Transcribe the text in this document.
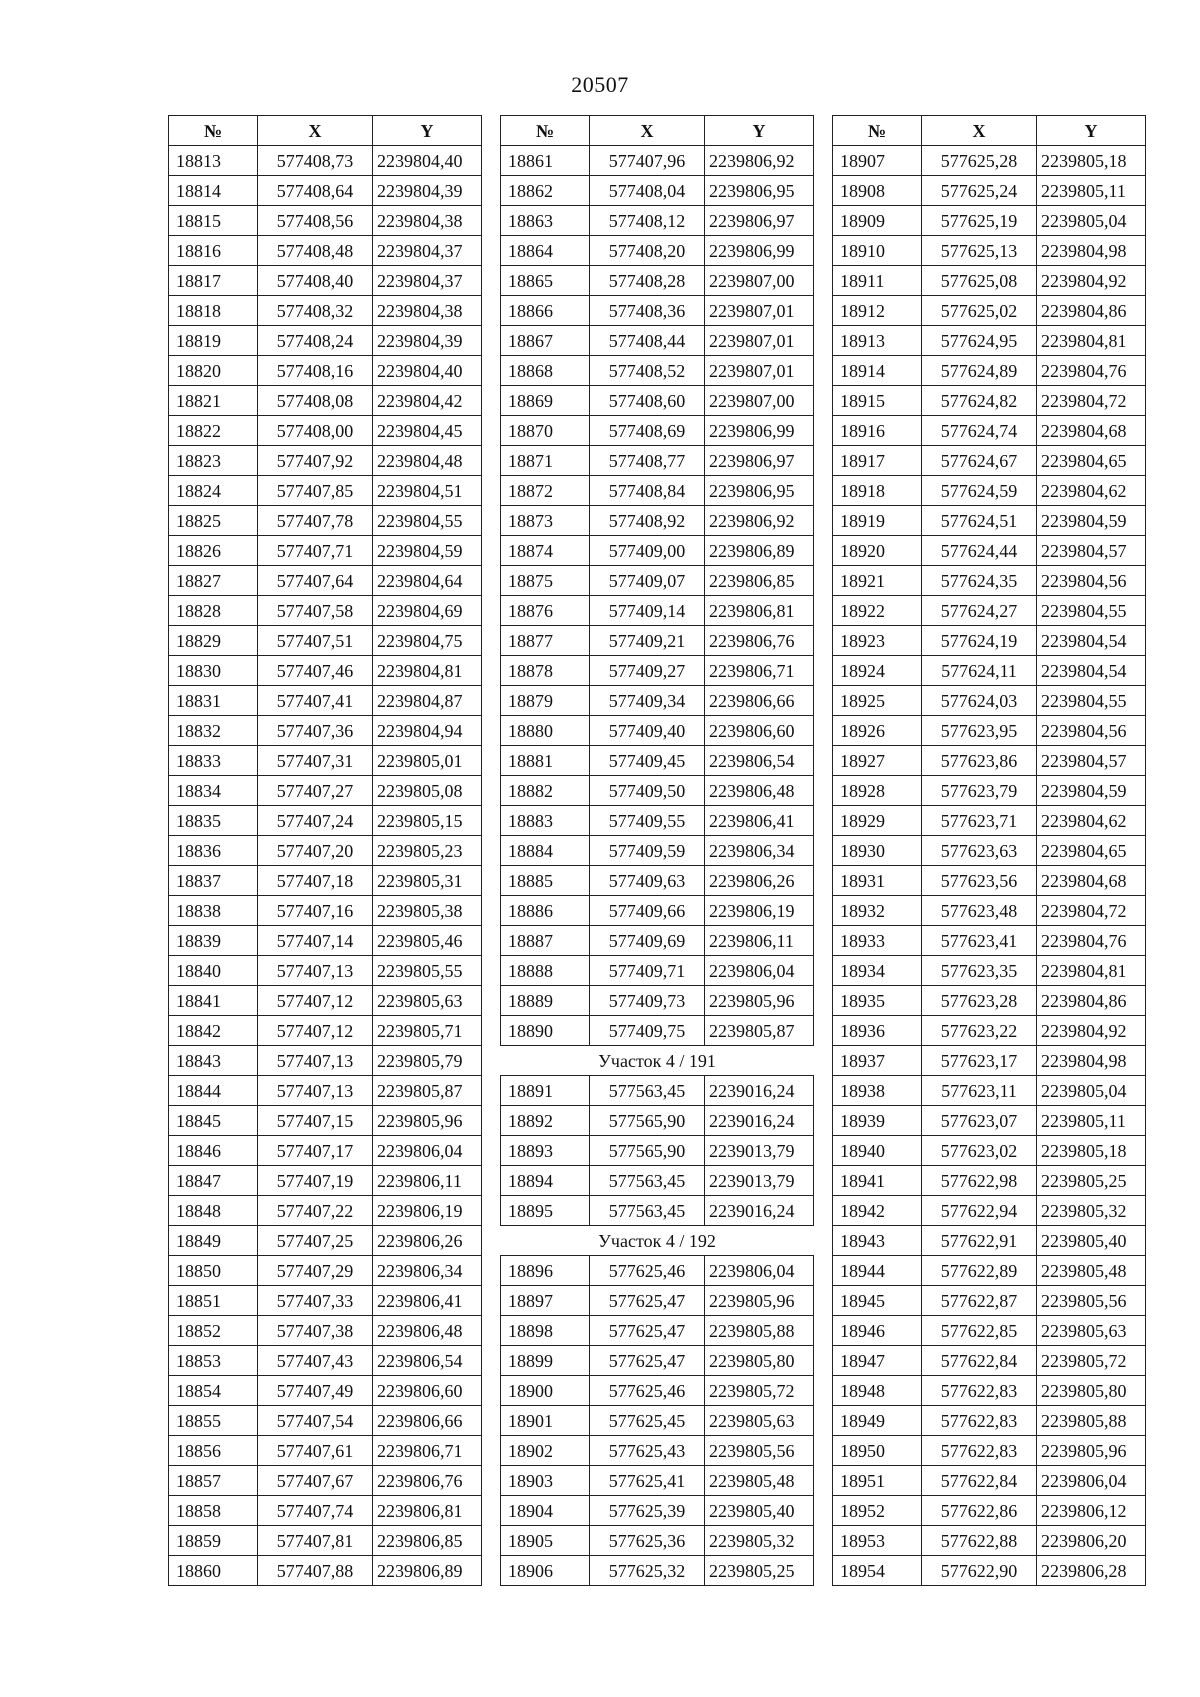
20507
№	X	Y
18813	577408,73	2239804,40
18814	577408,64	2239804,39
18815	577408,56	2239804,38
18816	577408,48	2239804,37
18817	577408,40	2239804,37
18818	577408,32	2239804,38
18819	577408,24	2239804,39
18820	577408,16	2239804,40
18821	577408,08	2239804,42
18822	577408,00	2239804,45
18823	577407,92	2239804,48
18824	577407,85	2239804,51
18825	577407,78	2239804,55
18826	577407,71	2239804,59
18827	577407,64	2239804,64
18828	577407,58	2239804,69
18829	577407,51	2239804,75
18830	577407,46	2239804,81
18831	577407,41	2239804,87
18832	577407,36	2239804,94
18833	577407,31	2239805,01
18834	577407,27	2239805,08
18835	577407,24	2239805,15
18836	577407,20	2239805,23
18837	577407,18	2239805,31
18838	577407,16	2239805,38
18839	577407,14	2239805,46
18840	577407,13	2239805,55
18841	577407,12	2239805,63
18842	577407,12	2239805,71
18843	577407,13	2239805,79
18844	577407,13	2239805,87
18845	577407,15	2239805,96
18846	577407,17	2239806,04
18847	577407,19	2239806,11
18848	577407,22	2239806,19
18849	577407,25	2239806,26
18850	577407,29	2239806,34
18851	577407,33	2239806,41
18852	577407,38	2239806,48
18853	577407,43	2239806,54
18854	577407,49	2239806,60
18855	577407,54	2239806,66
18856	577407,61	2239806,71
18857	577407,67	2239806,76
18858	577407,74	2239806,81
18859	577407,81	2239806,85
18860	577407,88	2239806,89
№	X	Y
18861	577407,96	2239806,92
18862	577408,04	2239806,95
18863	577408,12	2239806,97
18864	577408,20	2239806,99
18865	577408,28	2239807,00
18866	577408,36	2239807,01
18867	577408,44	2239807,01
18868	577408,52	2239807,01
18869	577408,60	2239807,00
18870	577408,69	2239806,99
18871	577408,77	2239806,97
18872	577408,84	2239806,95
18873	577408,92	2239806,92
18874	577409,00	2239806,89
18875	577409,07	2239806,85
18876	577409,14	2239806,81
18877	577409,21	2239806,76
18878	577409,27	2239806,71
18879	577409,34	2239806,66
18880	577409,40	2239806,60
18881	577409,45	2239806,54
18882	577409,50	2239806,48
18883	577409,55	2239806,41
18884	577409,59	2239806,34
18885	577409,63	2239806,26
18886	577409,66	2239806,19
18887	577409,69	2239806,11
18888	577409,71	2239806,04
18889	577409,73	2239805,96
18890	577409,75	2239805,87
Участок 4 / 191		
18891	577563,45	2239016,24
18892	577565,90	2239016,24
18893	577565,90	2239013,79
18894	577563,45	2239013,79
18895	577563,45	2239016,24
Участок 4 / 192		
18896	577625,46	2239806,04
18897	577625,47	2239805,96
18898	577625,47	2239805,88
18899	577625,47	2239805,80
18900	577625,46	2239805,72
18901	577625,45	2239805,63
18902	577625,43	2239805,56
18903	577625,41	2239805,48
18904	577625,39	2239805,40
18905	577625,36	2239805,32
18906	577625,32	2239805,25
№	X	Y
18907	577625,28	2239805,18
18908	577625,24	2239805,11
18909	577625,19	2239805,04
18910	577625,13	2239804,98
18911	577625,08	2239804,92
18912	577625,02	2239804,86
18913	577624,95	2239804,81
18914	577624,89	2239804,76
18915	577624,82	2239804,72
18916	577624,74	2239804,68
18917	577624,67	2239804,65
18918	577624,59	2239804,62
18919	577624,51	2239804,59
18920	577624,44	2239804,57
18921	577624,35	2239804,56
18922	577624,27	2239804,55
18923	577624,19	2239804,54
18924	577624,11	2239804,54
18925	577624,03	2239804,55
18926	577623,95	2239804,56
18927	577623,86	2239804,57
18928	577623,79	2239804,59
18929	577623,71	2239804,62
18930	577623,63	2239804,65
18931	577623,56	2239804,68
18932	577623,48	2239804,72
18933	577623,41	2239804,76
18934	577623,35	2239804,81
18935	577623,28	2239804,86
18936	577623,22	2239804,92
18937	577623,17	2239804,98
18938	577623,11	2239805,04
18939	577623,07	2239805,11
18940	577623,02	2239805,18
18941	577622,98	2239805,25
18942	577622,94	2239805,32
18943	577622,91	2239805,40
18944	577622,89	2239805,48
18945	577622,87	2239805,56
18946	577622,85	2239805,63
18947	577622,84	2239805,72
18948	577622,83	2239805,80
18949	577622,83	2239805,88
18950	577622,83	2239805,96
18951	577622,84	2239806,04
18952	577622,86	2239806,12
18953	577622,88	2239806,20
18954	577622,90	2239806,28
